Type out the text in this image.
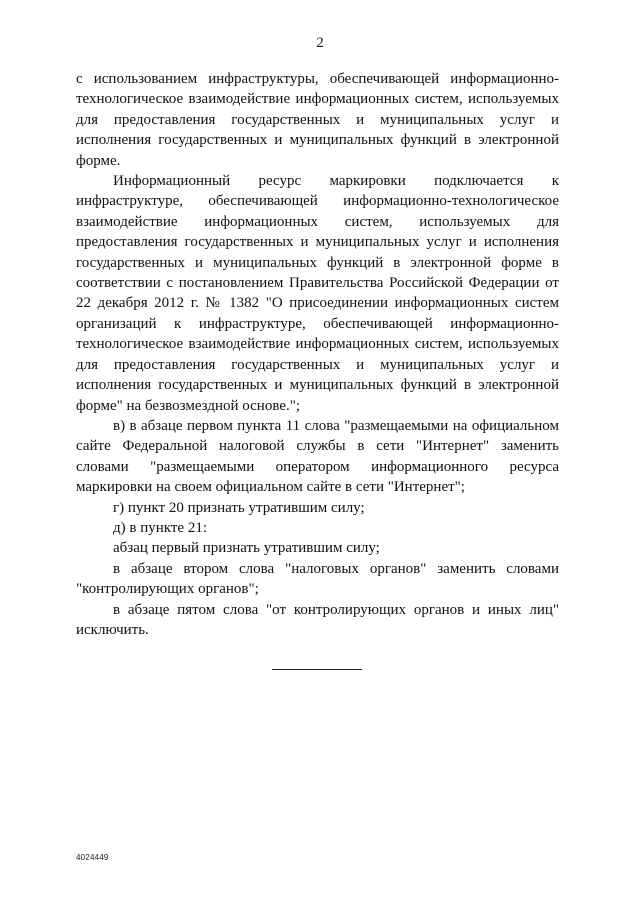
2

с использованием инфраструктуры, обеспечивающей информационно-технологическое взаимодействие информационных систем, используемых для предоставления государственных и муниципальных услуг и исполнения государственных и муниципальных функций в электронной форме.

Информационный ресурс маркировки подключается к инфраструктуре, обеспечивающей информационно-технологическое взаимодействие информационных систем, используемых для предоставления государственных и муниципальных услуг и исполнения государственных и муниципальных функций в электронной форме в соответствии с постановлением Правительства Российской Федерации от 22 декабря 2012 г. № 1382 "О присоединении информационных систем организаций к инфраструктуре, обеспечивающей информационно-технологическое взаимодействие информационных систем, используемых для предоставления государственных и муниципальных услуг и исполнения государственных и муниципальных функций в электронной форме" на безвозмездной основе.";

в) в абзаце первом пункта 11 слова "размещаемыми на официальном сайте Федеральной налоговой службы в сети "Интернет" заменить словами "размещаемыми оператором информационного ресурса маркировки на своем официальном сайте в сети "Интернет";

г) пункт 20 признать утратившим силу;

д) в пункте 21:

абзац первый признать утратившим силу;

в абзаце втором слова "налоговых органов" заменить словами "контролирующих органов";

в абзаце пятом слова "от контролирующих органов и иных лиц" исключить.

4024449
